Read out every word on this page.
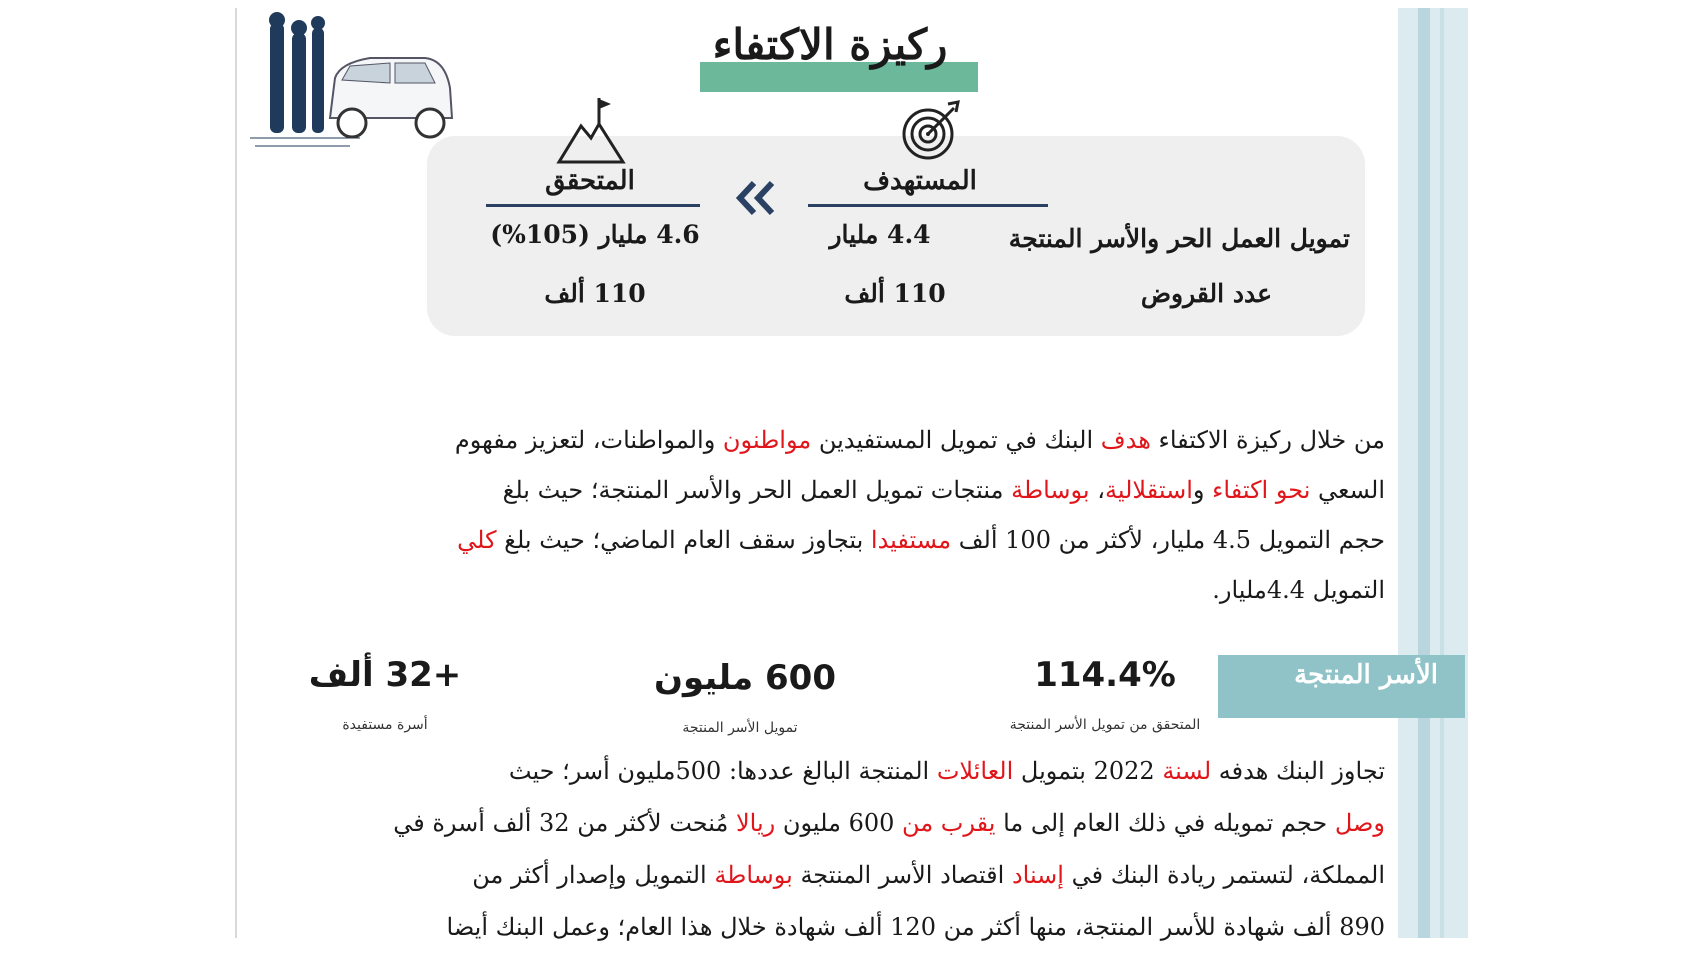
ركيزة الاكتفاء
المستهدف
المتحقق
تمويل العمل الحر والأسر المنتجة
عدد القروض
4.4 مليار
110 ألف
4.6 مليار (105%)
110 ألف
من خلال ركيزة الاكتفاء هدف البنك في تمويل المستفيدين مواطنون والمواطنات، لتعزيز مفهوم
السعي نحو اكتفاء واستقلالية، بوساطة منتجات تمويل العمل الحر والأسر المنتجة؛ حيث بلغ
حجم التمويل 4.5 مليار، لأكثر من 100 ألف مستفيدا بتجاوز سقف العام الماضي؛ حيث بلغ كلي
التمويل 4.4مليار.
الأسر المنتجة
114.4%
المتحقق من تمويل الأسر المنتجة
600 مليون
تمويل الأسر المنتجة
+32 ألف
أسرة مستفيدة
تجاوز البنك هدفه لسنة 2022 بتمويل العائلات المنتجة البالغ عددها: 500مليون أسر؛ حيث
وصل حجم تمويله في ذلك العام إلى ما يقرب من 600 مليون ريالا مُنحت لأكثر من 32 ألف أسرة في
المملكة، لتستمر ريادة البنك في إسناد اقتصاد الأسر المنتجة بوساطة التمويل وإصدار أكثر من
890 ألف شهادة للأسر المنتجة، منها أكثر من 120 ألف شهادة خلال هذا العام؛ وعمل البنك أيضا
